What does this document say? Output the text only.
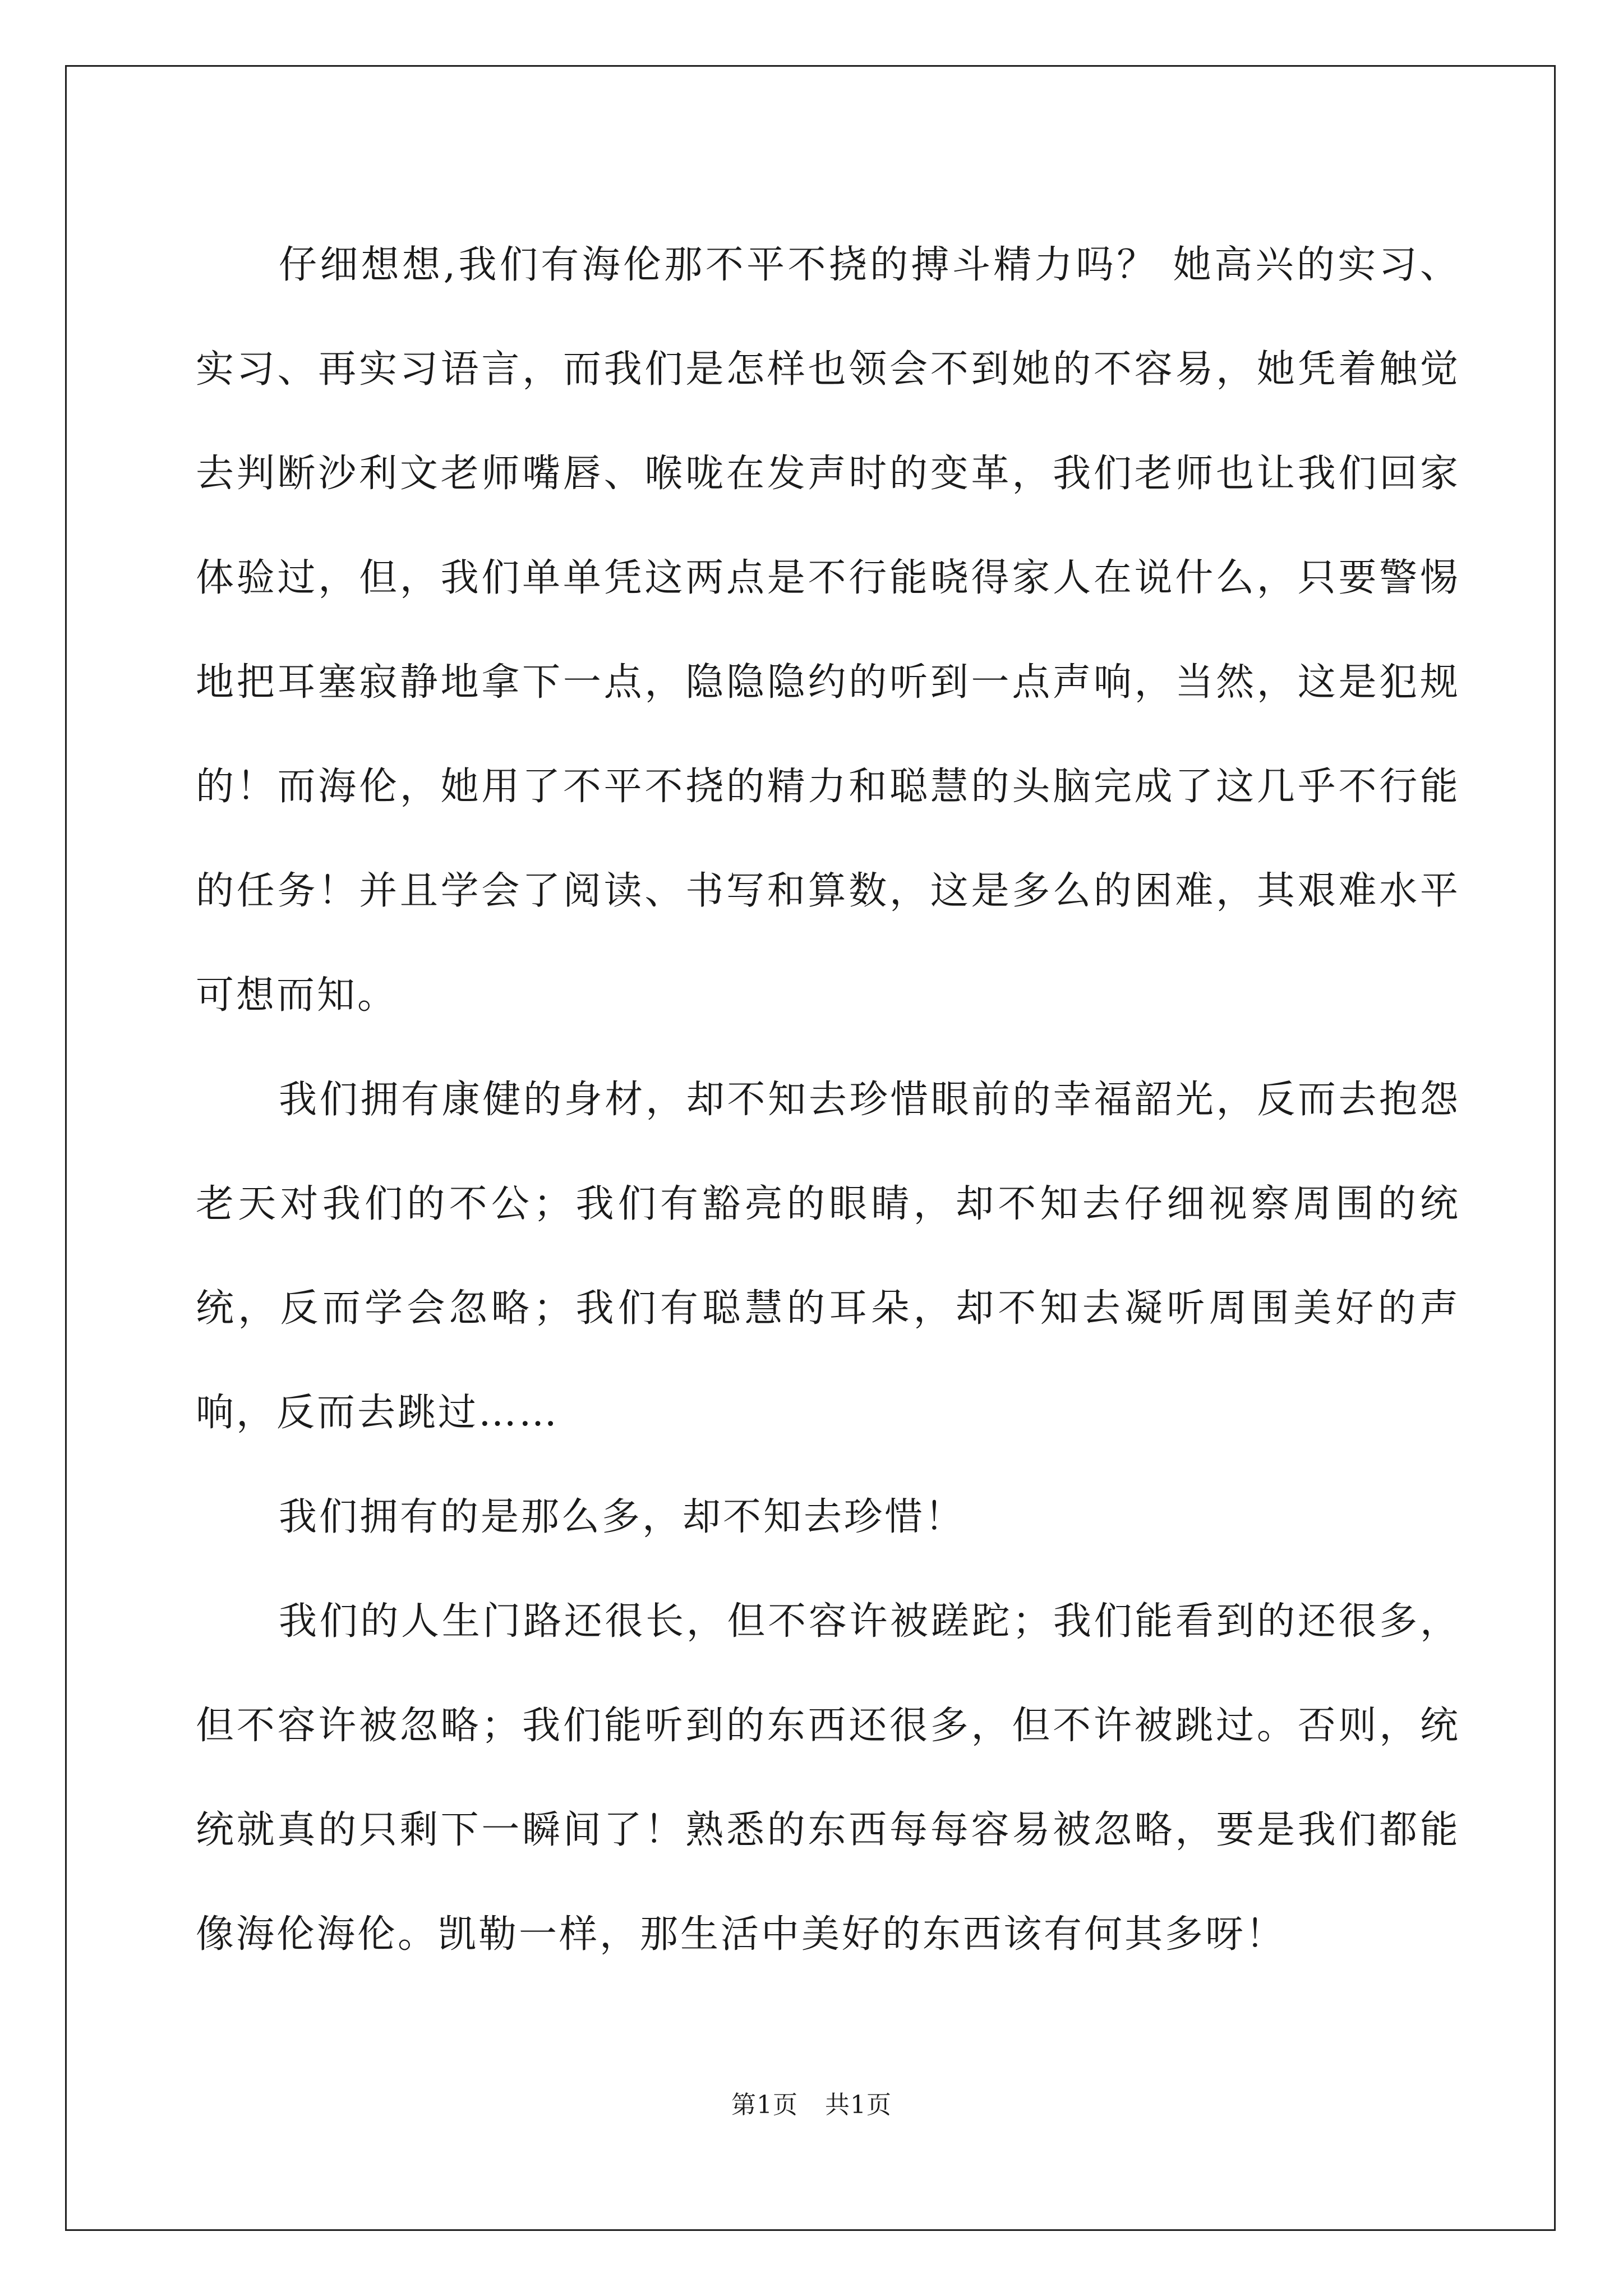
仔细想想,我们有海伦那不平不挠的搏斗精力吗？ 她高兴的实习、实习、再实习语言，而我们是怎样也领会不到她的不容易，她凭着触觉去判断沙利文老师嘴唇、喉咙在发声时的变革，我们老师也让我们回家体验过，但，我们单单凭这两点是不行能晓得家人在说什么，只要警惕地把耳塞寂静地拿下一点，隐隐隐约的听到一点声响，当然，这是犯规的！而海伦，她用了不平不挠的精力和聪慧的头脑完成了这几乎不行能的任务！并且学会了阅读、书写和算数，这是多么的困难，其艰难水平可想而知。

我们拥有康健的身材，却不知去珍惜眼前的幸福韶光，反而去抱怨老天对我们的不公；我们有豁亮的眼睛，却不知去仔细视察周围的统统，反而学会忽略；我们有聪慧的耳朵，却不知去凝听周围美好的声响，反而去跳过……

我们拥有的是那么多，却不知去珍惜！

我们的人生门路还很长，但不容许被蹉跎；我们能看到的还很多，但不容许被忽略；我们能听到的东西还很多，但不许被跳过。否则，统统就真的只剩下一瞬间了！熟悉的东西每每容易被忽略，要是我们都能像海伦海伦。凯勒一样，那生活中美好的东西该有何其多呀！

第1页 共1页
